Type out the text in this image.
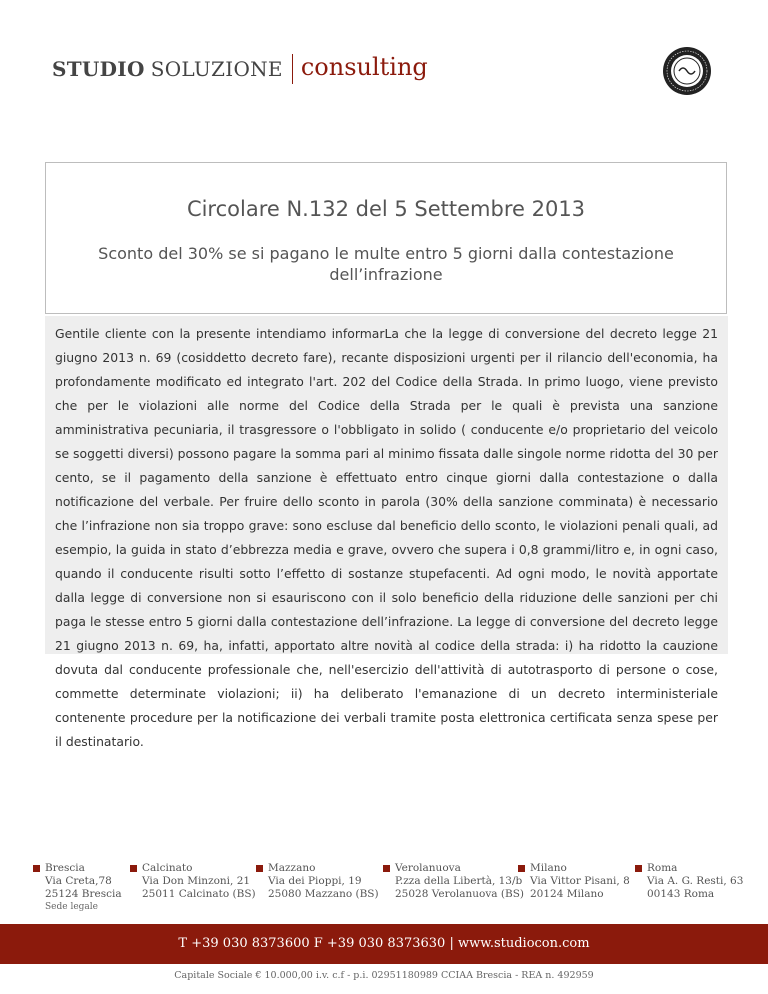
STUDIO SOLUZIONE consulting
Circolare N.132 del 5 Settembre 2013
Sconto del 30% se si pagano le multe entro 5 giorni dalla contestazione dell’infrazione
Gentile cliente con la presente intendiamo informarLa che la legge di conversione del decreto legge 21 giugno 2013 n. 69 (cosiddetto decreto fare), recante disposizioni urgenti per il rilancio dell'economia, ha profondamente modificato ed integrato l'art. 202 del Codice della Strada. In primo luogo, viene previsto che per le violazioni alle norme del Codice della Strada per le quali è prevista una sanzione amministrativa pecuniaria, il trasgressore o l'obbligato in solido ( conducente e/o proprietario del veicolo se soggetti diversi) possono pagare la somma pari al minimo fissata dalle singole norme ridotta del 30 per cento, se il pagamento della sanzione è effettuato entro cinque giorni dalla contestazione o dalla notificazione del verbale. Per fruire dello sconto in parola (30% della sanzione comminata) è necessario che l’infrazione non sia troppo grave: sono escluse dal beneficio dello sconto, le violazioni penali quali, ad esempio, la guida in stato d’ebbrezza media e grave, ovvero che supera i 0,8 grammi/litro e, in ogni caso, quando il conducente risulti sotto l’effetto di sostanze stupefacenti. Ad ogni modo, le novità apportate dalla legge di conversione non si esauriscono con il solo beneficio della riduzione delle sanzioni per chi paga le stesse entro 5 giorni dalla contestazione dell’infrazione. La legge di conversione del decreto legge 21 giugno 2013 n. 69, ha, infatti, apportato altre novità al codice della strada: i) ha ridotto la cauzione dovuta dal conducente professionale che, nell'esercizio dell'attività di autotrasporto di persone o cose, commette determinate violazioni; ii) ha deliberato l'emanazione di un decreto interministeriale contenente procedure per la notificazione dei verbali tramite posta elettronica certificata senza spese per il destinatario.
Brescia
Via Creta,78
25124 Brescia
Sede legale
Calcinato
Via Don Minzoni, 21
25011 Calcinato (BS)
Mazzano
Via dei Pioppi, 19
25080 Mazzano (BS)
Verolanuova
P.zza della Libertà, 13/b
25028 Verolanuova (BS)
Milano
Via Vittor Pisani, 8
20124 Milano
Roma
Via A. G. Resti, 63
00143 Roma
T +39 030 8373600 F +39 030 8373630 | www.studiocon.com
Capitale Sociale € 10.000,00 i.v. c.f - p.i. 02951180989 CCIAA Brescia - REA n. 492959
